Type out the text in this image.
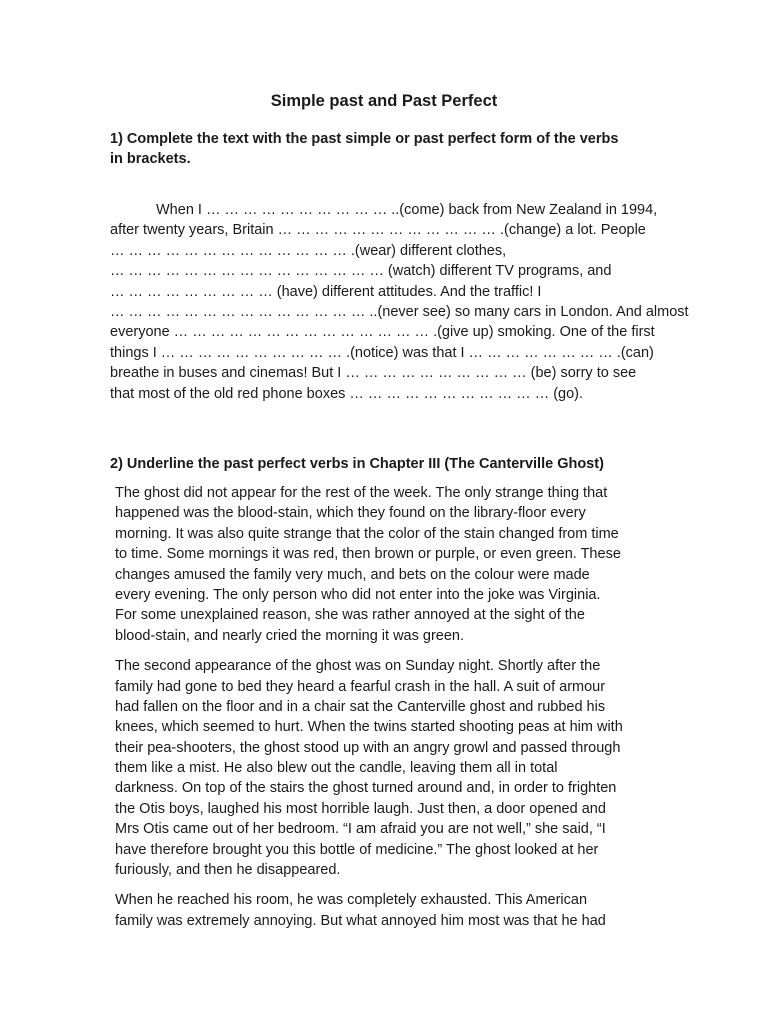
Simple past and Past Perfect
1) Complete the text with the past simple or past perfect form of the verbs
in brackets.
When I … … … … … … … … … … ..(come) back from New Zealand in 1994,
after twenty years, Britain … … … … … … … … … … … … .(change) a lot. People
… … … … … … … … … … … … … .(wear) different clothes,
… … … … … … … … … … … … … … … (watch) different TV programs, and
… … … … … … … … … (have) different attitudes. And the traffic! I
… … … … … … … … … … … … … … ..(never see) so many cars in London. And almost
everyone … … … … … … … … … … … … … … .(give up) smoking. One of the first
things I … … … … … … … … … … .(notice) was that I … … … … … … … … .(can)
breathe in buses and cinemas! But I … … … … … … … … … … (be) sorry to see
that most of the old red phone boxes … … … … … … … … … … … (go).
2) Underline the past perfect verbs in Chapter III (The Canterville Ghost)

The ghost did not appear for the rest of the week. The only strange thing that
happened was the blood-stain, which they found on the library-floor every
morning. It was also quite strange that the color of the stain changed from time
to time. Some mornings it was red, then brown or purple, or even green. These
changes amused the family very much, and bets on the colour were made
every evening. The only person who did not enter into the joke was Virginia.
For some unexplained reason, she was rather annoyed at the sight of the
blood-stain, and nearly cried the morning it was green.

The second appearance of the ghost was on Sunday night. Shortly after the
family had gone to bed they heard a fearful crash in the hall. A suit of armour
had fallen on the floor and in a chair sat the Canterville ghost and rubbed his
knees, which seemed to hurt. When the twins started shooting peas at him with
their pea-shooters, the ghost stood up with an angry growl and passed through
them like a mist. He also blew out the candle, leaving them all in total
darkness. On top of the stairs the ghost turned around and, in order to frighten
the Otis boys, laughed his most horrible laugh. Just then, a door opened and
Mrs Otis came out of her bedroom. “I am afraid you are not well,” she said, “I
have therefore brought you this bottle of medicine.” The ghost looked at her
furiously, and then he disappeared.

When he reached his room, he was completely exhausted. This American
family was extremely annoying. But what annoyed him most was that he had
